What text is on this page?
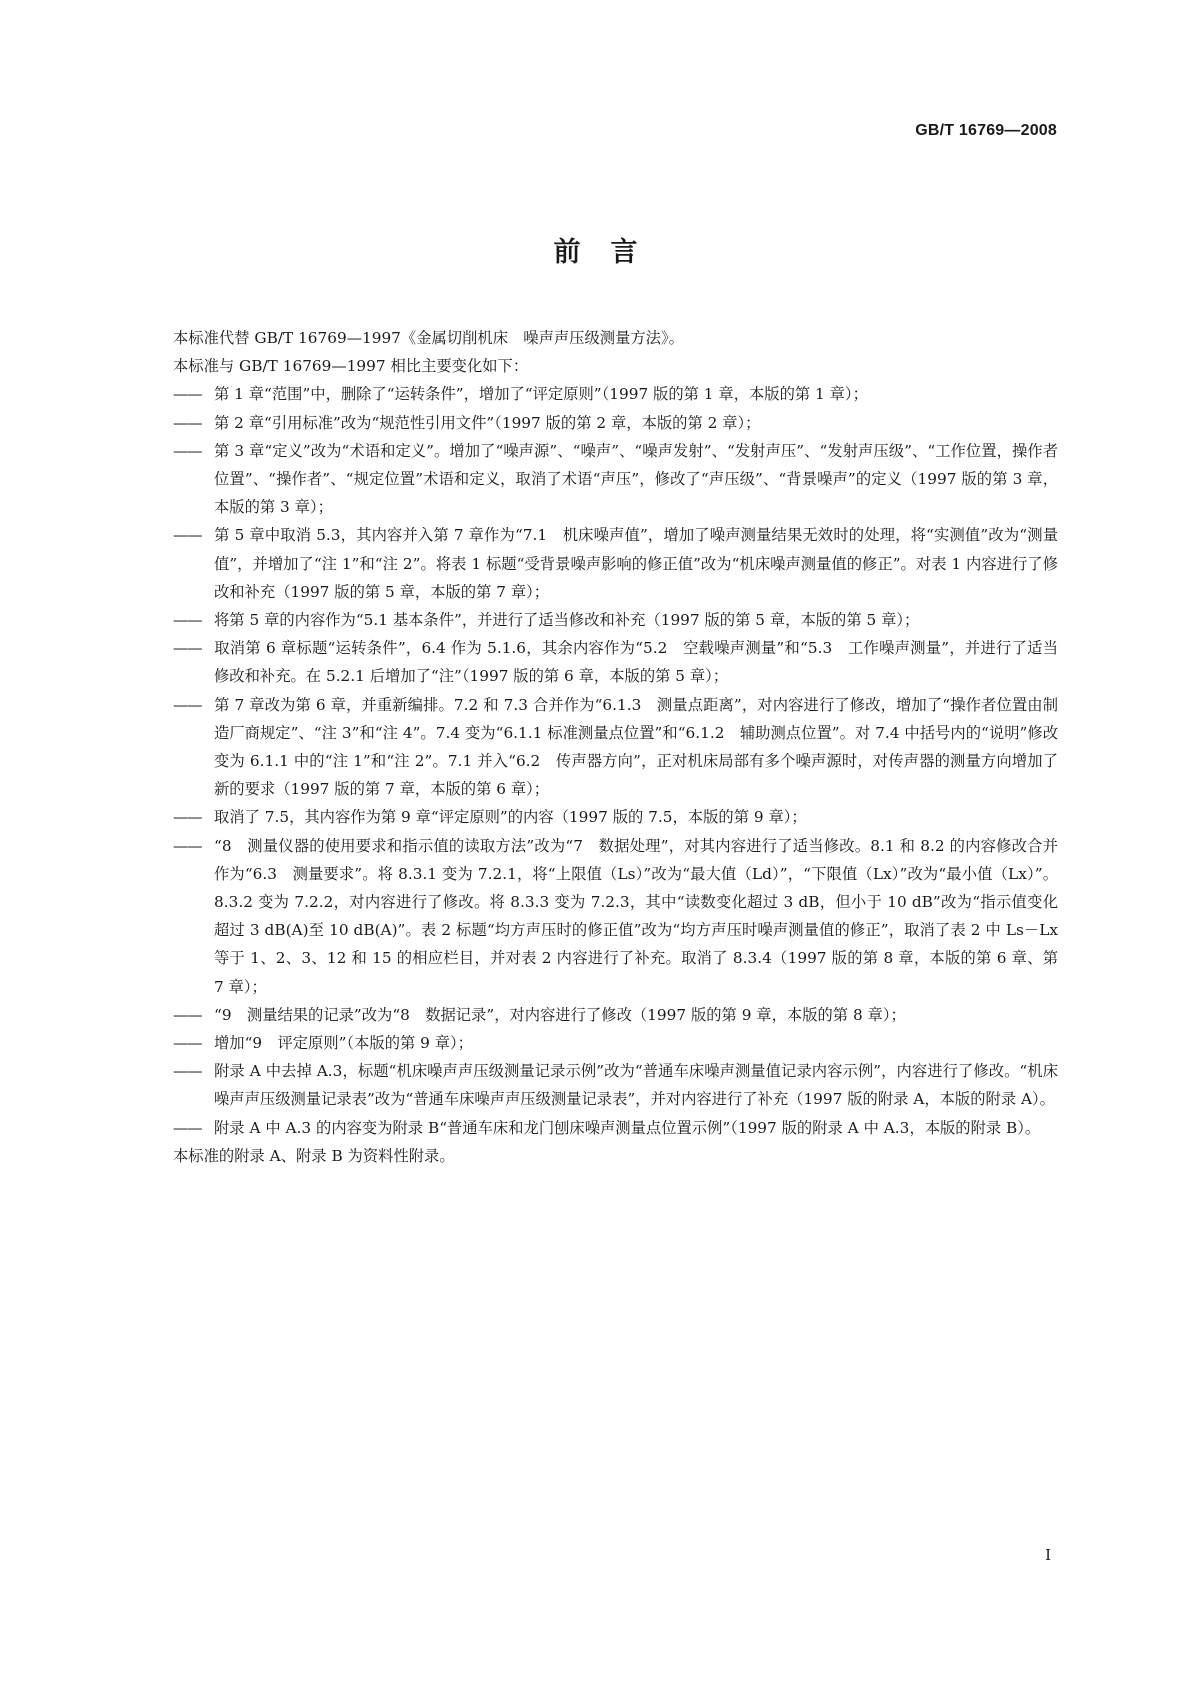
GB/T 16769—2008
前言

本标准代替 GB/T 16769—1997《金属切削机床　噪声声压级测量方法》。

本标准与 GB/T 16769—1997 相比主要变化如下：

—— 第 1 章“范围”中，删除了“运转条件”，增加了“评定原则”（1997 版的第 1 章，本版的第 1 章）；

—— 第 2 章“引用标准”改为“规范性引用文件”（1997 版的第 2 章，本版的第 2 章）；

—— 第 3 章“定义”改为“术语和定义”。增加了“噪声源”、“噪声”、“噪声发射”、“发射声压”、“发射声压级”、“工作位置，操作者位置”、“操作者”、“规定位置”术语和定义，取消了术语“声压”，修改了“声压级”、“背景噪声”的定义（1997 版的第 3 章，本版的第 3 章）；

—— 第 5 章中取消 5.3，其内容并入第 7 章作为“7.1　机床噪声值”，增加了噪声测量结果无效时的处理，将“实测值”改为“测量值”，并增加了“注 1”和“注 2”。将表 1 标题“受背景噪声影响的修正值”改为“机床噪声测量值的修正”。对表 1 内容进行了修改和补充（1997 版的第 5 章，本版的第 7 章）；

—— 将第 5 章的内容作为“5.1 基本条件”，并进行了适当修改和补充（1997 版的第 5 章，本版的第 5 章）；

—— 取消第 6 章标题“运转条件”，6.4 作为 5.1.6，其余内容作为“5.2　空载噪声测量”和“5.3　工作噪声测量”，并进行了适当修改和补充。在 5.2.1 后增加了“注”（1997 版的第 6 章，本版的第 5 章）；

—— 第 7 章改为第 6 章，并重新编排。7.2 和 7.3 合并作为“6.1.3　测量点距离”，对内容进行了修改，增加了“操作者位置由制造厂商规定”、“注 3”和“注 4”。7.4 变为“6.1.1 标准测量点位置”和“6.1.2　辅助测点位置”。对 7.4 中括号内的“说明”修改变为 6.1.1 中的“注 1”和“注 2”。7.1 并入“6.2　传声器方向”，正对机床局部有多个噪声源时，对传声器的测量方向增加了新的要求（1997 版的第 7 章，本版的第 6 章）；

—— 取消了 7.5，其内容作为第 9 章“评定原则”的内容（1997 版的 7.5，本版的第 9 章）；

—— “8　测量仪器的使用要求和指示值的读取方法”改为“7　数据处理”，对其内容进行了适当修改。8.1 和 8.2 的内容修改合并作为“6.3　测量要求”。将 8.3.1 变为 7.2.1，将“上限值（Ls）”改为“最大值（Ld）”，“下限值（Lx）”改为“最小值（Lx）”。8.3.2 变为 7.2.2，对内容进行了修改。将 8.3.3 变为 7.2.3，其中“读数变化超过 3 dB，但小于 10 dB”改为“指示值变化超过 3 dB(A)至 10 dB(A)”。表 2 标题“均方声压时的修正值”改为“均方声压时噪声测量值的修正”，取消了表 2 中 Ls－Lx 等于 1、2、3、12 和 15 的相应栏目，并对表 2 内容进行了补充。取消了 8.3.4（1997 版的第 8 章，本版的第 6 章、第 7 章）；

—— “9　测量结果的记录”改为“8　数据记录”，对内容进行了修改（1997 版的第 9 章，本版的第 8 章）；

—— 增加“9　评定原则”（本版的第 9 章）；

—— 附录 A 中去掉 A.3，标题“机床噪声声压级测量记录示例”改为“普通车床噪声测量值记录内容示例”，内容进行了修改。“机床噪声声压级测量记录表”改为“普通车床噪声声压级测量记录表”，并对内容进行了补充（1997 版的附录 A，本版的附录 A）。

—— 附录 A 中 A.3 的内容变为附录 B“普通车床和龙门刨床噪声测量点位置示例”（1997 版的附录 A 中 A.3，本版的附录 B）。

本标准的附录 A、附录 B 为资料性附录。

I
